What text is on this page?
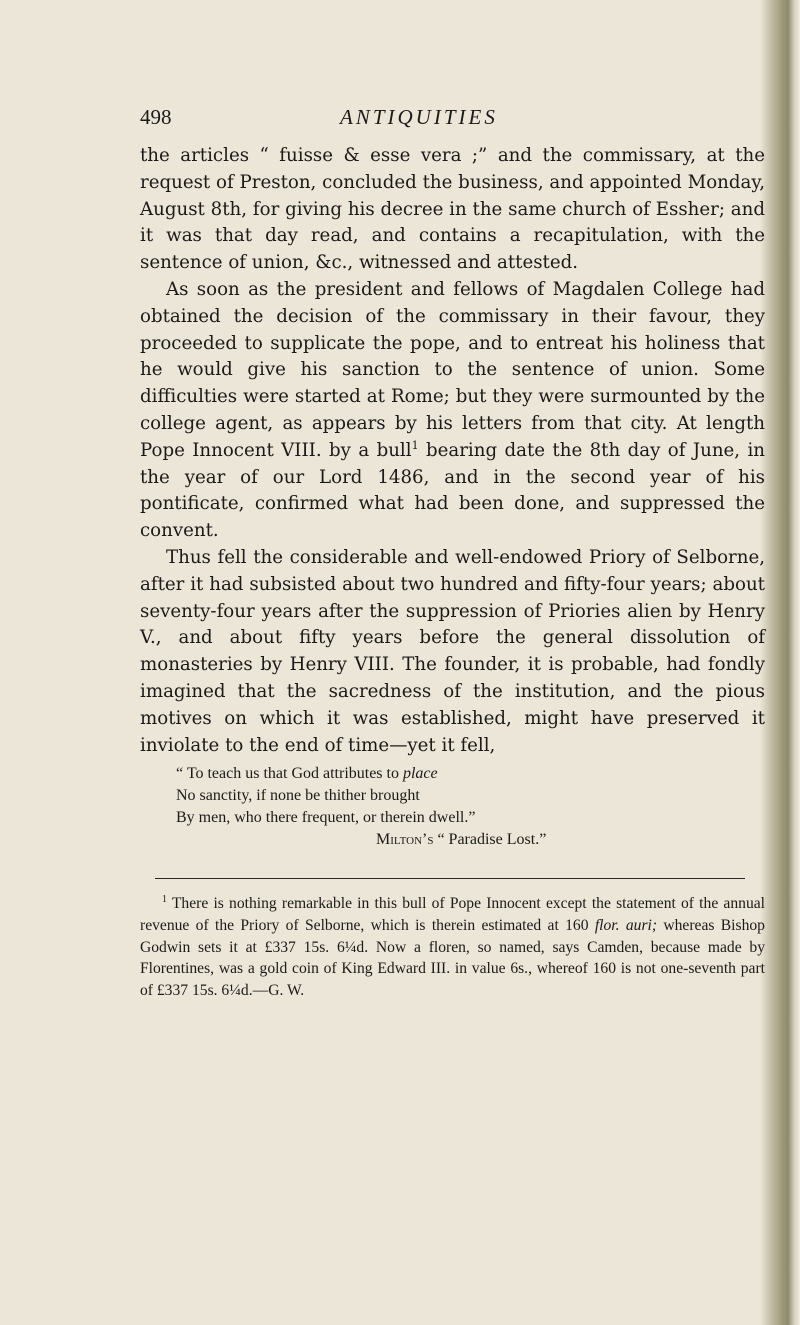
498	ANTIQUITIES

the articles “ fuisse & esse vera ;” and the commissary, at the request of Preston, concluded the business, and appointed Monday, August 8th, for giving his decree in the same church of Essher; and it was that day read, and contains a recapitulation, with the sentence of union, &c., witnessed and attested.

As soon as the president and fellows of Magdalen College had obtained the decision of the commissary in their favour, they proceeded to supplicate the pope, and to entreat his holiness that he would give his sanction to the sentence of union. Some difficulties were started at Rome; but they were surmounted by the college agent, as appears by his letters from that city. At length Pope Innocent VIII. by a bull$^1$ bearing date the 8th day of June, in the year of our Lord 1486, and in the second year of his pontificate, confirmed what had been done, and suppressed the convent.

Thus fell the considerable and well-endowed Priory of Selborne, after it had subsisted about two hundred and fifty-four years; about seventy-four years after the suppression of Priories alien by Henry V., and about fifty years before the general dissolution of monasteries by Henry VIII. The founder, it is probable, had fondly imagined that the sacredness of the institution, and the pious motives on which it was established, might have preserved it inviolate to the end of time—yet it fell,

“ To teach us that God attributes to place
No sanctity, if none be thither brought
By men, who there frequent, or therein dwell.”
Milton’s “ Paradise Lost.”
$^1$ There is nothing remarkable in this bull of Pope Innocent except the statement of the annual revenue of the Priory of Selborne, which is therein estimated at 160 flor. auri; whereas Bishop Godwin sets it at £337 15s. 6¼d. Now a floren, so named, says Camden, because made by Florentines, was a gold coin of King Edward III. in value 6s., whereof 160 is not one-seventh part of £337 15s. 6¼d.—G. W.
